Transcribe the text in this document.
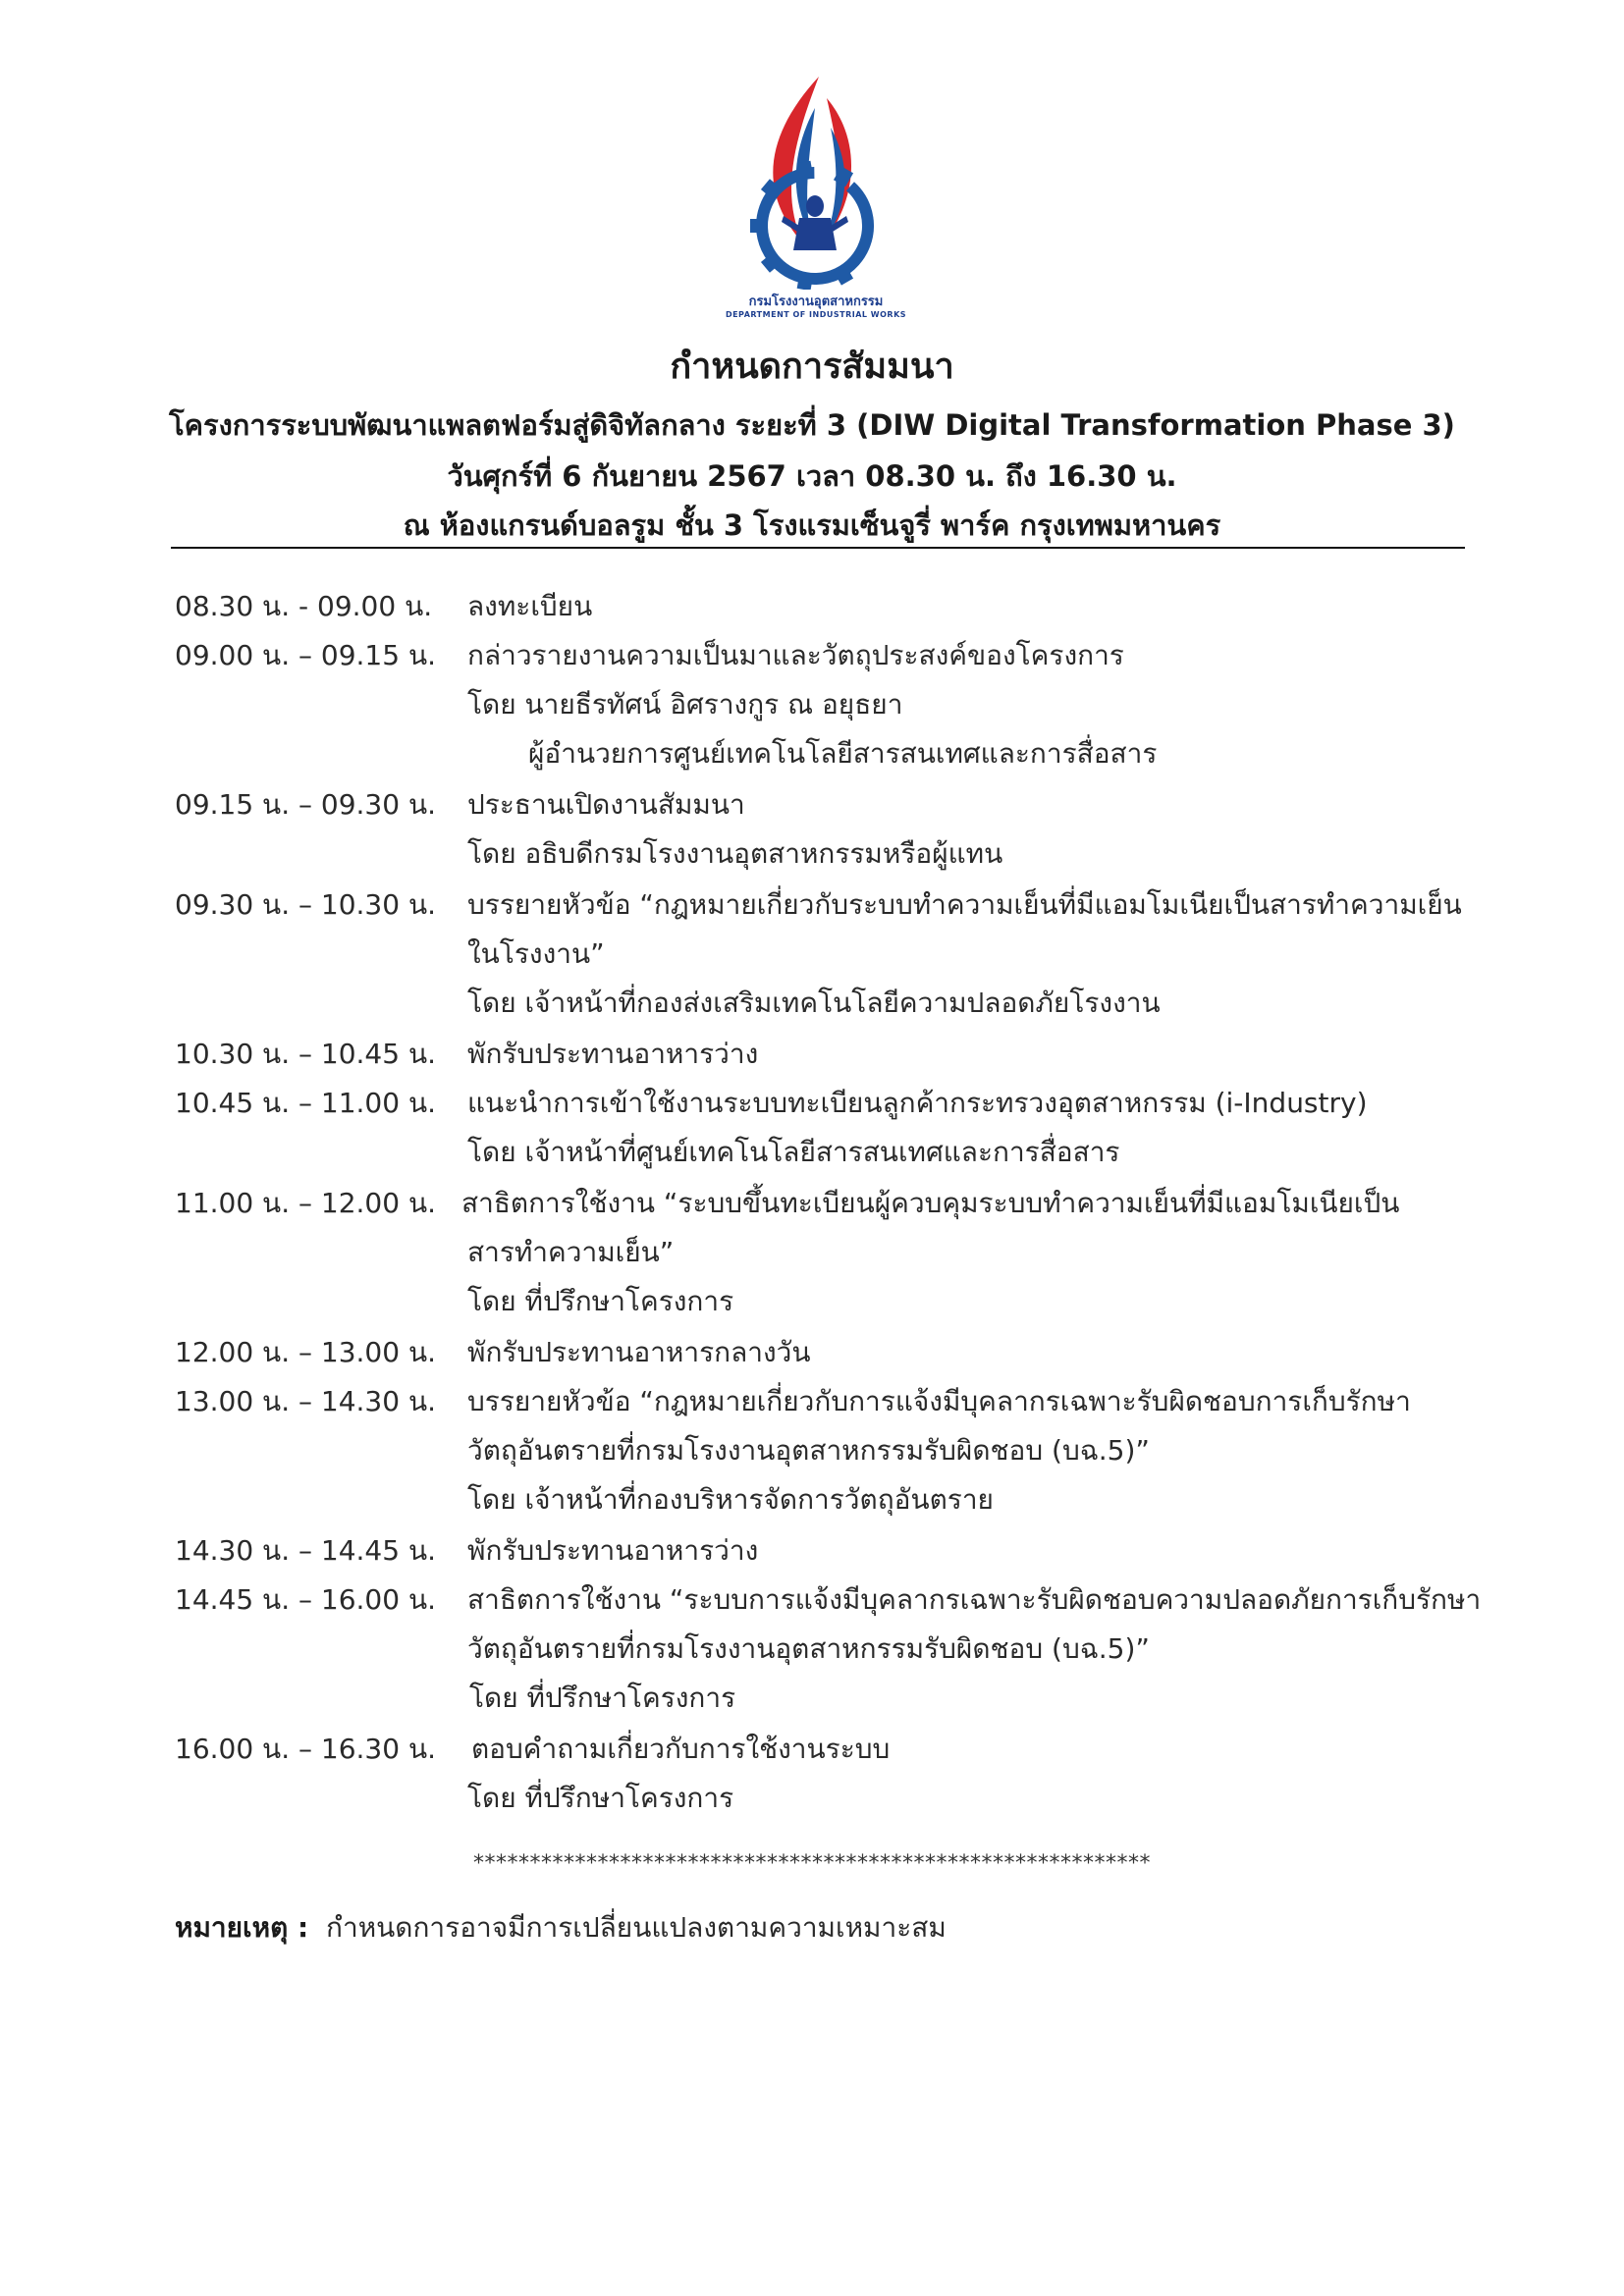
กรมโรงงานอุตสาหกรรม
DEPARTMENT OF INDUSTRIAL WORKS
กำหนดการสัมมนา
โครงการระบบพัฒนาแพลตฟอร์มสู่ดิจิทัลกลาง ระยะที่ 3 (DIW Digital Transformation Phase 3)
วันศุกร์ที่ 6 กันยายน 2567 เวลา 08.30 น. ถึง 16.30 น.
ณ ห้องแกรนด์บอลรูม ชั้น 3 โรงแรมเซ็นจูรี่ พาร์ค กรุงเทพมหานคร
08.30 น. - 09.00 น. ลงทะเบียน
09.00 น. – 09.15 น. กล่าวรายงานความเป็นมาและวัตถุประสงค์ของโครงการ
โดย นายธีรทัศน์ อิศรางกูร ณ อยุธยา
ผู้อำนวยการศูนย์เทคโนโลยีสารสนเทศและการสื่อสาร
09.15 น. – 09.30 น. ประธานเปิดงานสัมมนา
โดย อธิบดีกรมโรงงานอุตสาหกรรมหรือผู้แทน
09.30 น. – 10.30 น. บรรยายหัวข้อ “กฎหมายเกี่ยวกับระบบทำความเย็นที่มีแอมโมเนียเป็นสารทำความเย็น
ในโรงงาน”
โดย เจ้าหน้าที่กองส่งเสริมเทคโนโลยีความปลอดภัยโรงงาน
10.30 น. – 10.45 น. พักรับประทานอาหารว่าง
10.45 น. – 11.00 น. แนะนำการเข้าใช้งานระบบทะเบียนลูกค้ากระทรวงอุตสาหกรรม (i-Industry)
โดย เจ้าหน้าที่ศูนย์เทคโนโลยีสารสนเทศและการสื่อสาร
11.00 น. – 12.00 น. สาธิตการใช้งาน “ระบบขึ้นทะเบียนผู้ควบคุมระบบทำความเย็นที่มีแอมโมเนียเป็น
สารทำความเย็น”
โดย ที่ปรึกษาโครงการ
12.00 น. – 13.00 น. พักรับประทานอาหารกลางวัน
13.00 น. – 14.30 น. บรรยายหัวข้อ “กฎหมายเกี่ยวกับการแจ้งมีบุคลากรเฉพาะรับผิดชอบการเก็บรักษา
วัตถุอันตรายที่กรมโรงงานอุตสาหกรรมรับผิดชอบ (บฉ.5)”
โดย เจ้าหน้าที่กองบริหารจัดการวัตถุอันตราย
14.30 น. – 14.45 น. พักรับประทานอาหารว่าง
14.45 น. – 16.00 น. สาธิตการใช้งาน “ระบบการแจ้งมีบุคลากรเฉพาะรับผิดชอบความปลอดภัยการเก็บรักษา
วัตถุอันตรายที่กรมโรงงานอุตสาหกรรมรับผิดชอบ (บฉ.5)”
โดย ที่ปรึกษาโครงการ
16.00 น. – 16.30 น. ตอบคำถามเกี่ยวกับการใช้งานระบบ
โดย ที่ปรึกษาโครงการ
************************************************************
หมายเหตุ : กำหนดการอาจมีการเปลี่ยนแปลงตามความเหมาะสม
